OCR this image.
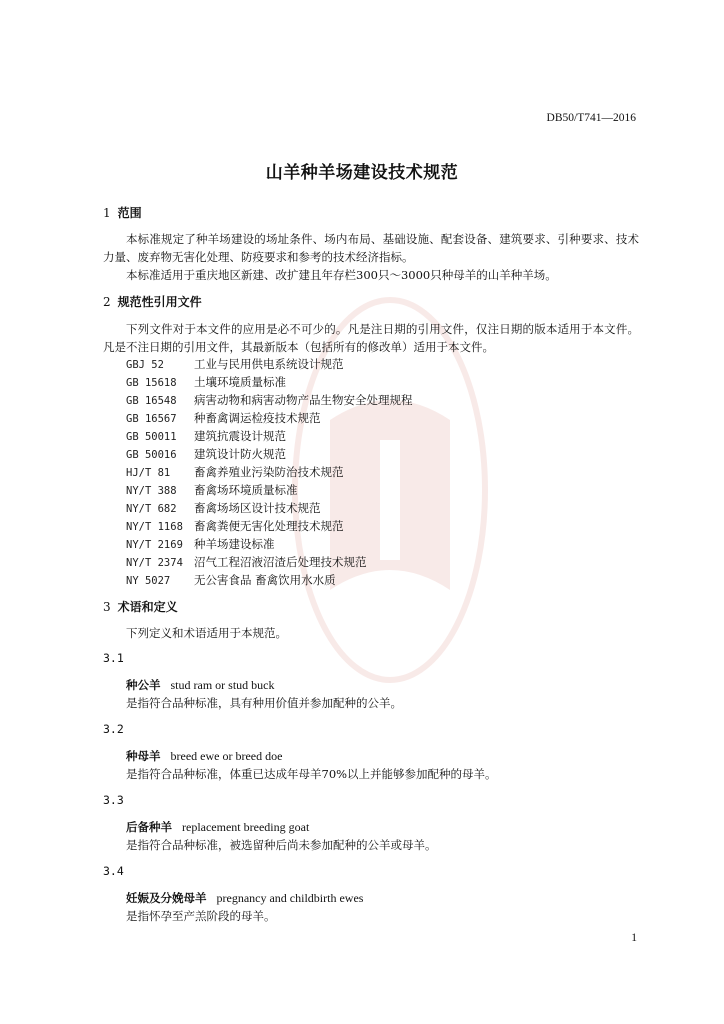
DB50/T741—2016
山羊种羊场建设技术规范
1 范围
本标准规定了种羊场建设的场址条件、场内布局、基础设施、配套设备、建筑要求、引种要求、技术力量、废弃物无害化处理、防疫要求和参考的技术经济指标。
本标准适用于重庆地区新建、改扩建且年存栏300只～3000只种母羊的山羊种羊场。
2 规范性引用文件
下列文件对于本文件的应用是必不可少的。凡是注日期的引用文件，仅注日期的版本适用于本文件。凡是不注日期的引用文件，其最新版本（包括所有的修改单）适用于本文件。
GBJ 52	工业与民用供电系统设计规范
GB 15618 土壤环境质量标准
GB 16548 病害动物和病害动物产品生物安全处理规程
GB 16567 种畜禽调运检疫技术规范
GB 50011 建筑抗震设计规范
GB 50016 建筑设计防火规范
HJ/T 81 畜禽养殖业污染防治技术规范
NY/T 388 畜禽场环境质量标准
NY/T 682 畜禽场场区设计技术规范
NY/T 1168 畜禽粪便无害化处理技术规范
NY/T 2169 种羊场建设标准
NY/T 2374 沼气工程沼液沼渣后处理技术规范
NY 5027 无公害食品 畜禽饮用水水质
3 术语和定义
下列定义和术语适用于本规范。
3.1
种公羊 stud ram or stud buck
是指符合品种标准，具有种用价值并参加配种的公羊。
3.2
种母羊 breed ewe or breed doe
是指符合品种标准，体重已达成年母羊70%以上并能够参加配种的母羊。
3.3
后备种羊 replacement breeding goat
是指符合品种标准，被选留种后尚未参加配种的公羊或母羊。
3.4
妊娠及分娩母羊 pregnancy and childbirth ewes
是指怀孕至产羔阶段的母羊。
1
